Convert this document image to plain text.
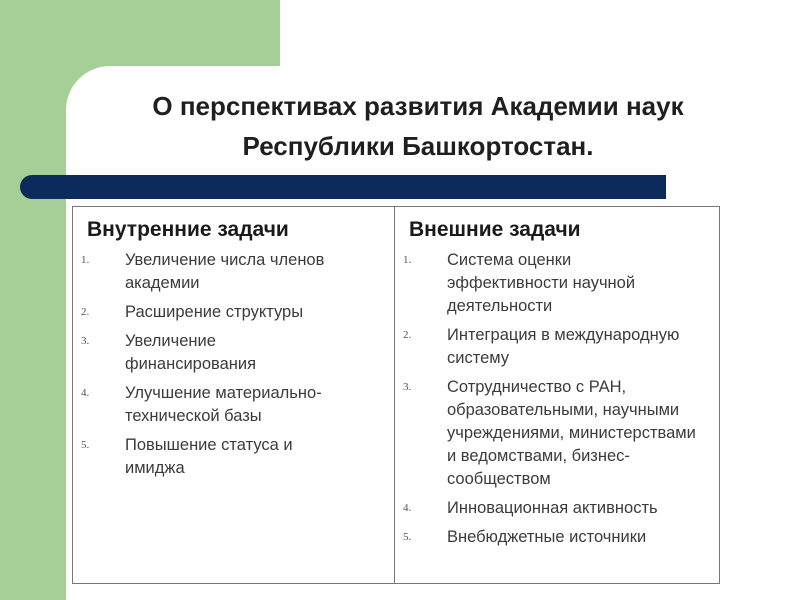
О перспективах развития Академии наук
Республики Башкортостан.
Внутренние задачи
1.	Увеличение числа членов академии
2.	Расширение структуры
3.	Увеличение финансирования
4.	Улучшение материально-технической базы
5.	Повышение статуса и имиджа
Внешние задачи
1.	Система оценки эффективности научной деятельности
2.	Интеграция в международную систему
3.	Сотрудничество с РАН, образовательными, научными учреждениями, министерствами и ведомствами, бизнес-сообществом
4.	Инновационная активность
5.	Внебюджетные источники
